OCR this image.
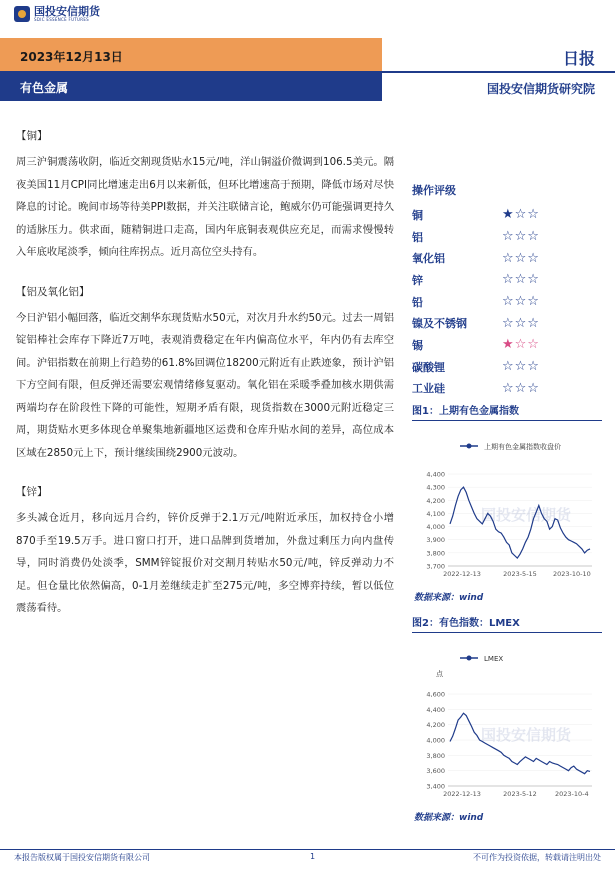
国投安信期货
SDIC ESSENCE FUTURES
2023年12月13日
有色金属
日报
国投安信期货研究院
【铜】
周三沪铜震荡收阴，临近交割现货贴水15元/吨，洋山铜溢价微调到106.5美元。隔夜美国11月CPI同比增速走出6月以来新低，但环比增速高于预期，降低市场对尽快降息的讨论。晚间市场等待美PPI数据，并关注联储言论，鲍威尔仍可能强调更持久的适脉压力。供求面，随精铜进口走高，国内年底铜表观供应充足，而需求慢慢转入年底收尾淡季，倾向往库拐点。近月高位空头持有。
【铝及氧化铝】
今日沪铝小幅回落，临近交割华东现货贴水50元，对次月升水约50元。过去一周铝锭铝棒社会库存下降近7万吨，表观消费稳定在年内偏高位水平，年内仍有去库空间。沪铝指数在前期上行趋势的61.8%回调位18200元附近有止跌迹象，预计沪铝下方空间有限，但反弹还需要宏观情绪修复驱动。氧化铝在采暖季叠加核水期供需两端均存在阶段性下降的可能性，短期矛盾有限，现货指数在3000元附近稳定三周，期货贴水更多体现仓单聚集地新疆地区运费和仓库升贴水间的差异，高位成本区域在2850元上下，预计继续围绕2900元波动。
【锌】
多头减仓近月，移向远月合约，锌价反弹于2.1万元/吨附近承压，加权持仓小增870手至19.5万手。进口窗口打开，进口品牌到货增加，外盘过剩压力向内盘传导，同时消费仍处淡季，SMM锌锭报价对交割月转贴水50元/吨，锌反弹动力不足。但仓量比依然偏高，0-1月差继续走扩至275元/吨，多空博弈持续，暂以低位震荡看待。
操作评级
铜	★☆☆
铝	☆☆☆
氧化铝	☆☆☆
锌	☆☆☆
铅	☆☆☆
镍及不锈钢	☆☆☆
锡	★☆☆
碳酸锂	☆☆☆
工业硅	☆☆☆
图1：上期有色金属指数
上期有色金属指数收盘价
3,700
3,800
3,900
4,000
4,100
4,200
4,300
4,400
2022-12-13	2023-5-15 2023-10-10
国投安信期货
数据来源：wind
图2：有色指数：LMEX
LMEX
点
3,400
3,600
3,800
4,000
4,200
4,400
4,600
2022-12-13	2023-5-12	2023-10-4
国投安信期货
数据来源：wind
本报告版权属于国投安信期货有限公司	1	不可作为投资依据，转载请注明出处
